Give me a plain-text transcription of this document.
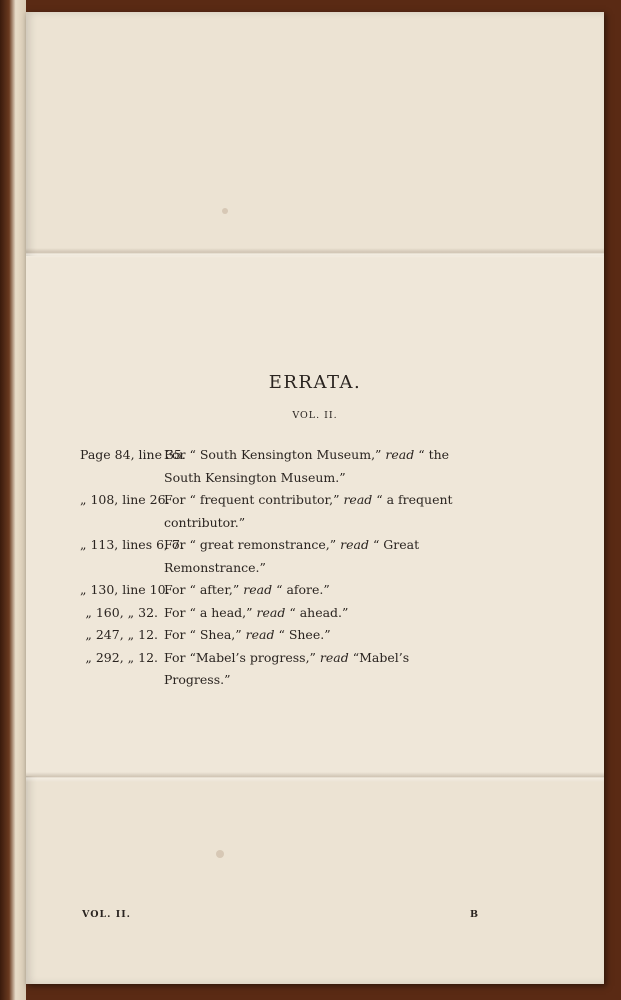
ERRATA.
VOL. II.
Page 84, line 35.
For “ South Kensington Museum,” read “ the
South Kensington Museum.”
„ 108, line 26.
For “ frequent contributor,” read “ a frequent
contributor.”
„ 113, lines 6, 7.
For “ great remonstrance,” read “ Great
Remonstrance.”
„ 130, line 10.
For “ after,” read “ afore.”
„ 160, „ 32. For “ a head,” read “ ahead.”
„ 247, „ 12. For “ Shea,” read “ Shee.”
„ 292, „ 12. For “Mabel’s progress,” read “Mabel’s
Progress.”
VOL. II.	B
